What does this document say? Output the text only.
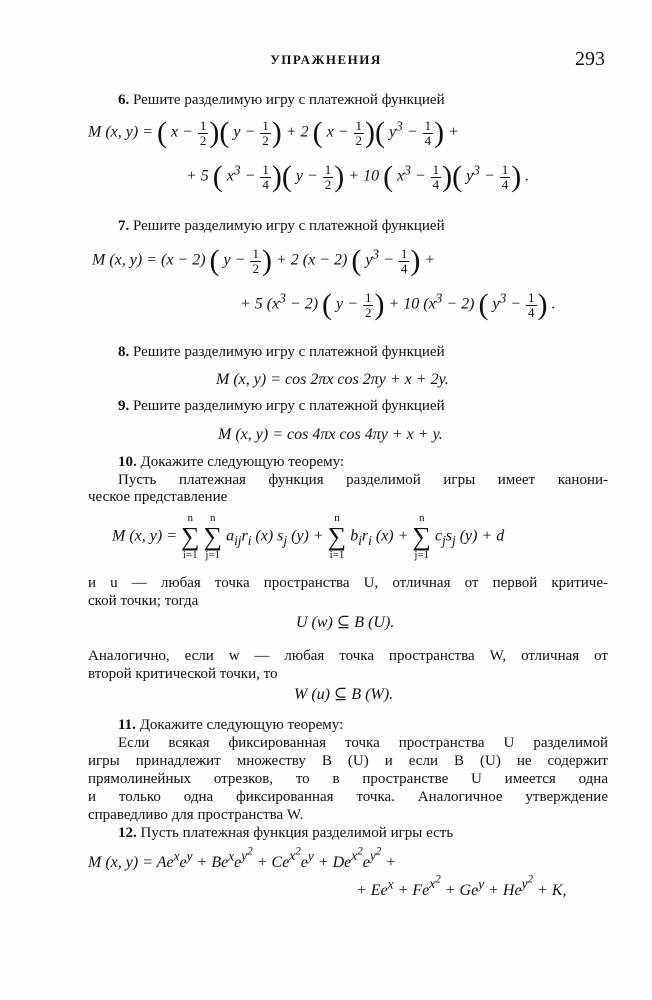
УПРАЖНЕНИЯ	293
6. Решите разделимую игру с платежной функцией
M (x, y) = ( $x - \frac{1}{2}$ )( $y - \frac{1}{2}$ ) + 2 ( $x - \frac{1}{2}$ )( $y^3 - \frac{1}{4}$ ) +
+ 5 ( $x^3 - \frac{1}{4}$ )( $y - \frac{1}{2}$ ) + 10 ( $x^3 - \frac{1}{4}$ )( $y^3 - \frac{1}{4}$ ) .
7. Решите разделимую игру с платежной функцией
M (x, y) = (x − 2) ( $y - \frac{1}{2}$ ) + 2 (x − 2) ( $y^3 - \frac{1}{4}$ ) +
+ 5 $(x^3 - 2)$ ( $y - \frac{1}{2}$ ) + 10 $(x^3 - 2)$ ( $y^3 - \frac{1}{4}$ ) .
8. Решите разделимую игру с платежной функцией
M (x, y) = cos 2πx cos 2πy + x + 2y.
9. Решите разделимую игру с платежной функцией
M (x, y) = cos 4πx cos 4πy + x + y.
10. Докажите следующую теорему:
Пусть платежная функция разделимой игры имеет канони-
ческое представление
M (x, y) =
n
∑
i=1

n
∑
j=1
$a_{ij}r_i$ (x) $s_j$ (y) +
n
∑
i=1
$b_ir_i$ (x) +
n
∑
j=1
$c_js_j$ (y) + d
и u — любая точка пространства U, отличная от первой критиче-
ской точки; тогда
U (w) ⊆ B (U).
Аналогично, если w — любая точка пространства W, отличная от
второй критической точки, то
W (u) ⊆ B (W).
11. Докажите следующую теорему:
Если всякая фиксированная точка пространства U разделимой
игры принадлежит множеству B (U) и если B (U) не содержит
прямолинейных отрезков, то в пространстве U имеется одна
и только одна фиксированная точка. Аналогичное утверждение
справедливо для пространства W.
12. Пусть платежная функция разделимой игры есть
M (x, $y) = Ae^xe^y + Be^xe^{y^2} + Ce^{x^2}e^y + De^{x^2}e^{y^2}$ +
+ $Ee^x + Fe^{x^2} + Ge^y + He^{y^2} + K$,
